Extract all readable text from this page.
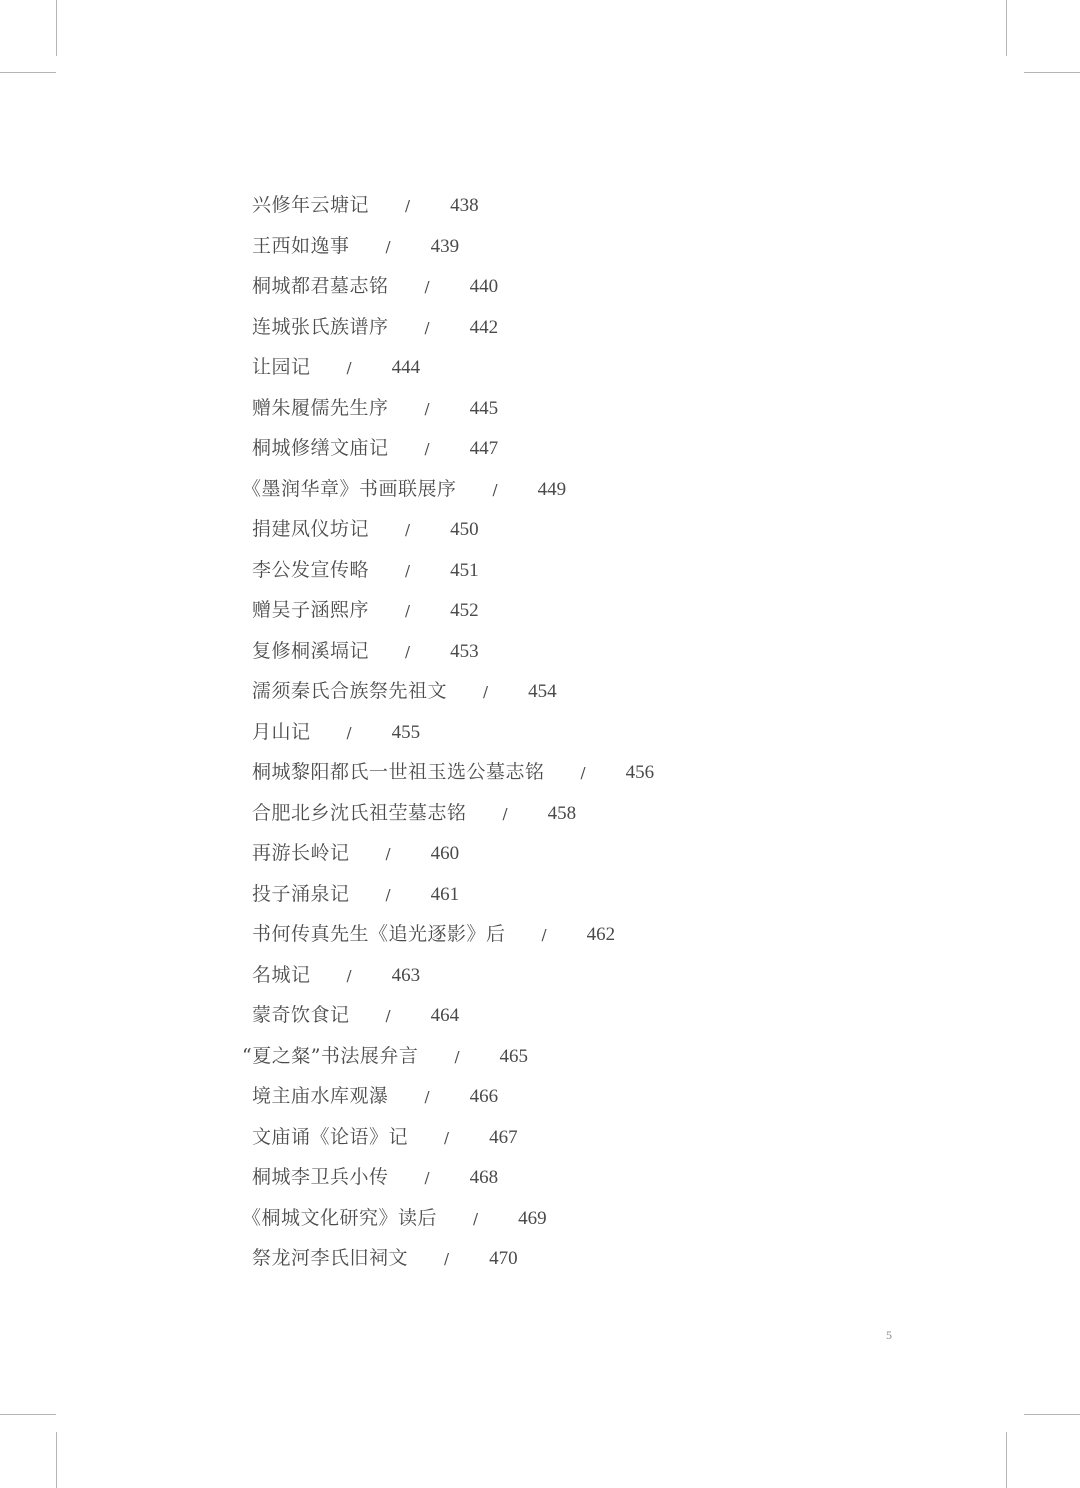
兴修年云塘记 / 438
王西如逸事 / 439
桐城都君墓志铭 / 440
连城张氏族谱序 / 442
让园记 / 444
赠朱履儒先生序 / 445
桐城修缮文庙记 / 447
《墨润华章》书画联展序 / 449
捐建凤仪坊记 / 450
李公发宣传略 / 451
赠吴子涵熙序 / 452
复修桐溪塥记 / 453
濡须秦氏合族祭先祖文 / 454
月山记 / 455
桐城黎阳都氏一世祖玉选公墓志铭 / 456
合肥北乡沈氏祖茔墓志铭 / 458
再游长岭记 / 460
投子涌泉记 / 461
书何传真先生《追光逐影》后 / 462
名城记 / 463
蒙奇饮食记 / 464
“夏之粲”书法展弁言 / 465
境主庙水库观瀑 / 466
文庙诵《论语》记 / 467
桐城李卫兵小传 / 468
《桐城文化研究》读后 / 469
祭龙河李氏旧祠文 / 470
5
